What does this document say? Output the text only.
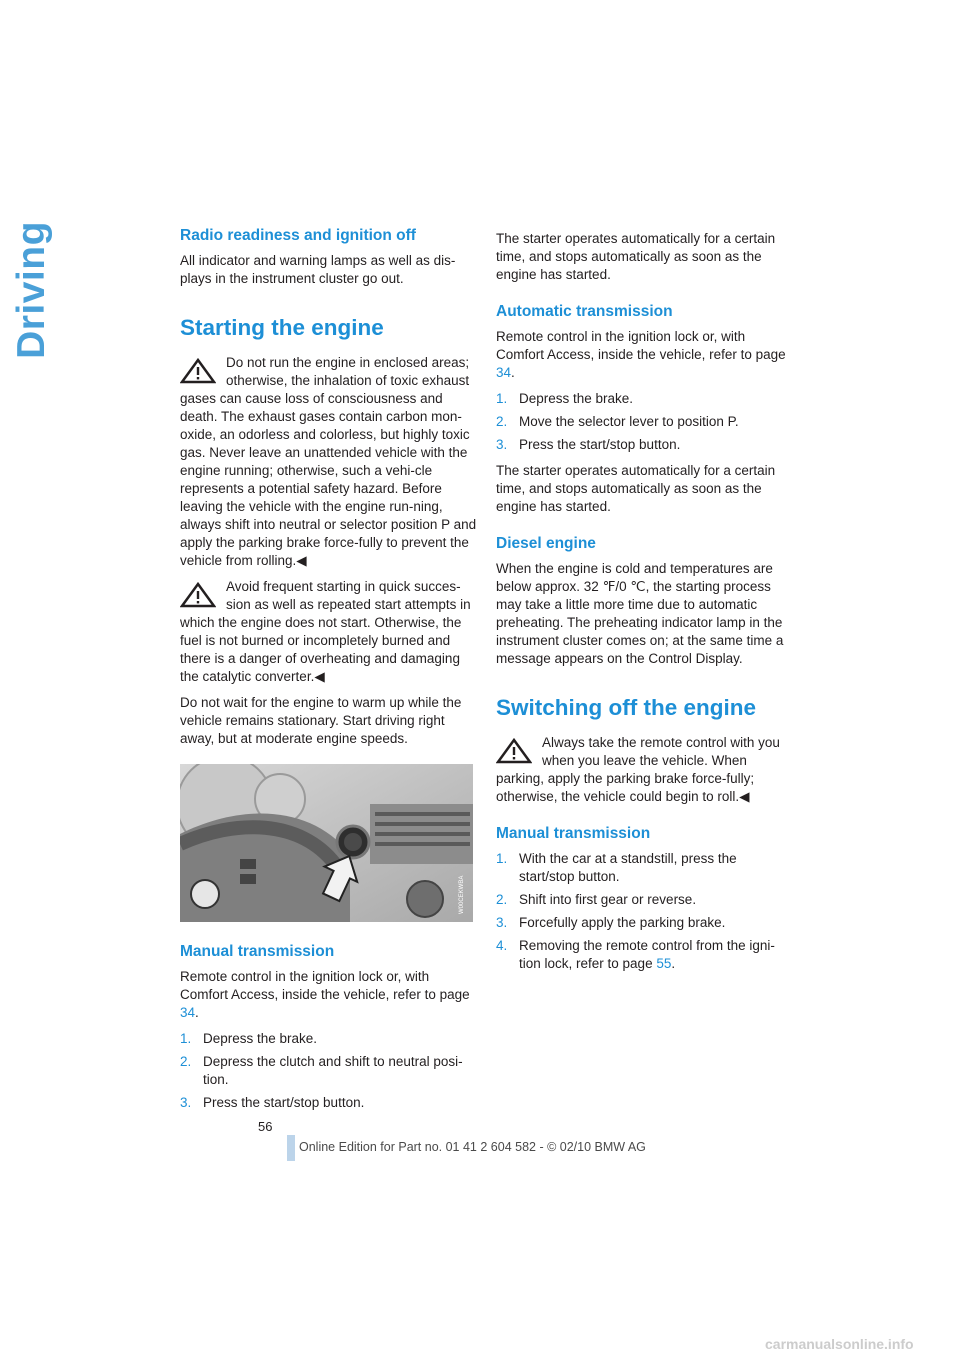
Driving	Radio readiness and ignition off

All indicator and warning lamps as well as dis-plays in the instrument cluster go out.

Starting the engine
Do not run the engine in enclosed areas; otherwise, the inhalation of toxic exhaust gases can cause loss of consciousness and death. The exhaust gases contain carbon mon-oxide, an odorless and colorless, but highly toxic gas. Never leave an unattended vehicle with the engine running; otherwise, such a vehi-cle represents a potential safety hazard. Before leaving the vehicle with the engine run-ning, always shift into neutral or selector position P and apply the parking brake force-fully to prevent the vehicle from rolling.◀
Avoid frequent starting in quick succes-sion as well as repeated start attempts in which the engine does not start. Otherwise, the fuel is not burned or incompletely burned and there is a danger of overheating and damaging the catalytic converter.◀

Do not wait for the engine to warm up while the vehicle remains stationary. Start driving right away, but at moderate engine speeds.

W00CEKWBA
Manual transmission

Remote control in the ignition lock or, with Comfort Access, inside the vehicle, refer to page 34.

1. Depress the brake.
2. Depress the clutch and shift to neutral posi-tion.
3. Press the start/stop button.

The starter operates automatically for a certain time, and stops automatically as soon as the engine has started.

Automatic transmission

Remote control in the ignition lock or, with Comfort Access, inside the vehicle, refer to page 34.

1. Depress the brake.
2. Move the selector lever to position P.
3. Press the start/stop button.

The starter operates automatically for a certain time, and stops automatically as soon as the engine has started.

Diesel engine

When the engine is cold and temperatures are below approx. 32 ℉/0 ℃, the starting process may take a little more time due to automatic preheating. The preheating indicator lamp in the instrument cluster comes on; at the same time a message appears on the Control Display.

Switching off the engine
Always take the remote control with you when you leave the vehicle. When parking, apply the parking brake force-fully; otherwise, the vehicle could begin to roll.◀
Manual transmission
1. With the car at a standstill, press the start/stop button.
2. Shift into first gear or reverse.
3. Forcefully apply the parking brake.
4. Removing the remote control from the igni-tion lock, refer to page 55.
56
Online Edition for Part no. 01 41 2 604 582 - © 02/10 BMW AG
carmanualsonline.info
